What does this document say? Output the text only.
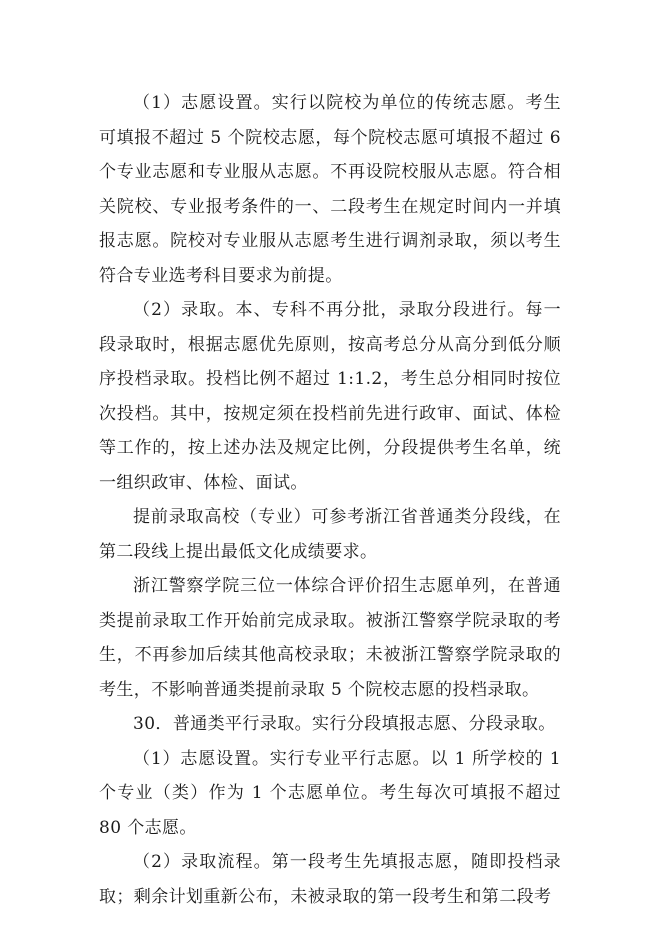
（1）志愿设置。实行以院校为单位的传统志愿。考生可填报不超过 5 个院校志愿，每个院校志愿可填报不超过 6 个专业志愿和专业服从志愿。不再设院校服从志愿。符合相关院校、专业报考条件的一、二段考生在规定时间内一并填报志愿。院校对专业服从志愿考生进行调剂录取，须以考生符合专业选考科目要求为前提。

（2）录取。本、专科不再分批，录取分段进行。每一段录取时，根据志愿优先原则，按高考总分从高分到低分顺序投档录取。投档比例不超过 1:1.2，考生总分相同时按位次投档。其中，按规定须在投档前先进行政审、面试、体检等工作的，按上述办法及规定比例，分段提供考生名单，统一组织政审、体检、面试。

提前录取高校（专业）可参考浙江省普通类分段线，在第二段线上提出最低文化成绩要求。

浙江警察学院三位一体综合评价招生志愿单列，在普通类提前录取工作开始前完成录取。被浙江警察学院录取的考生，不再参加后续其他高校录取；未被浙江警察学院录取的考生，不影响普通类提前录取 5 个院校志愿的投档录取。

30．普通类平行录取。实行分段填报志愿、分段录取。

（1）志愿设置。实行专业平行志愿。以 1 所学校的 1 个专业（类）作为 1 个志愿单位。考生每次可填报不超过 80 个志愿。

（2）录取流程。第一段考生先填报志愿，随即投档录取；剩余计划重新公布，未被录取的第一段考生和第二段考
